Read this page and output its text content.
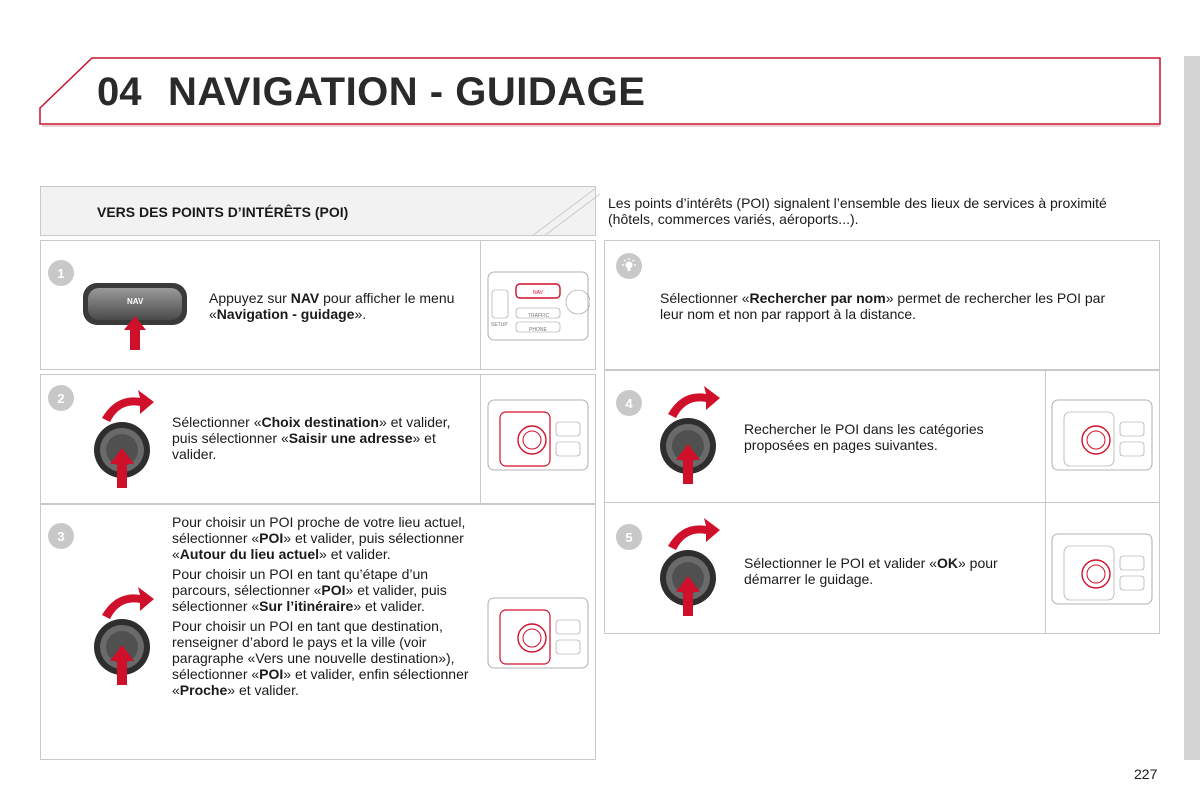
04 NAVIGATION - GUIDAGE
VERS DES POINTS D’INTÉRÊTS (POI)
Les points d’intérêts (POI) signalent l’ensemble des lieux de services à proximité (hôtels, commerces variés, aéroports...).
1
2
3
4
5
NAV
NAV
TRAFFIC
SETUP
PHONE
Appuyez sur NAV pour afficher le menu «Navigation - guidage».
Sélectionner «Choix destination» et valider, puis sélectionner «Saisir une adresse» et valider.

Pour choisir un POI proche de votre lieu actuel, sélectionner «POI» et valider, puis sélectionner «Autour du lieu actuel» et valider.

Pour choisir un POI en tant qu’étape d’un parcours, sélectionner «POI» et valider, puis sélectionner «Sur l’itinéraire» et valider.

Pour choisir un POI en tant que destination, renseigner d’abord le pays et la ville (voir paragraphe «Vers une nouvelle destination»), sélectionner «POI» et valider, enfin sélectionner «Proche» et valider.

Sélectionner «Rechercher par nom» permet de rechercher les POI par leur nom et non par rapport à la distance.
Rechercher le POI dans les catégories proposées en pages suivantes.
Sélectionner le POI et valider «OK» pour démarrer le guidage.
227
